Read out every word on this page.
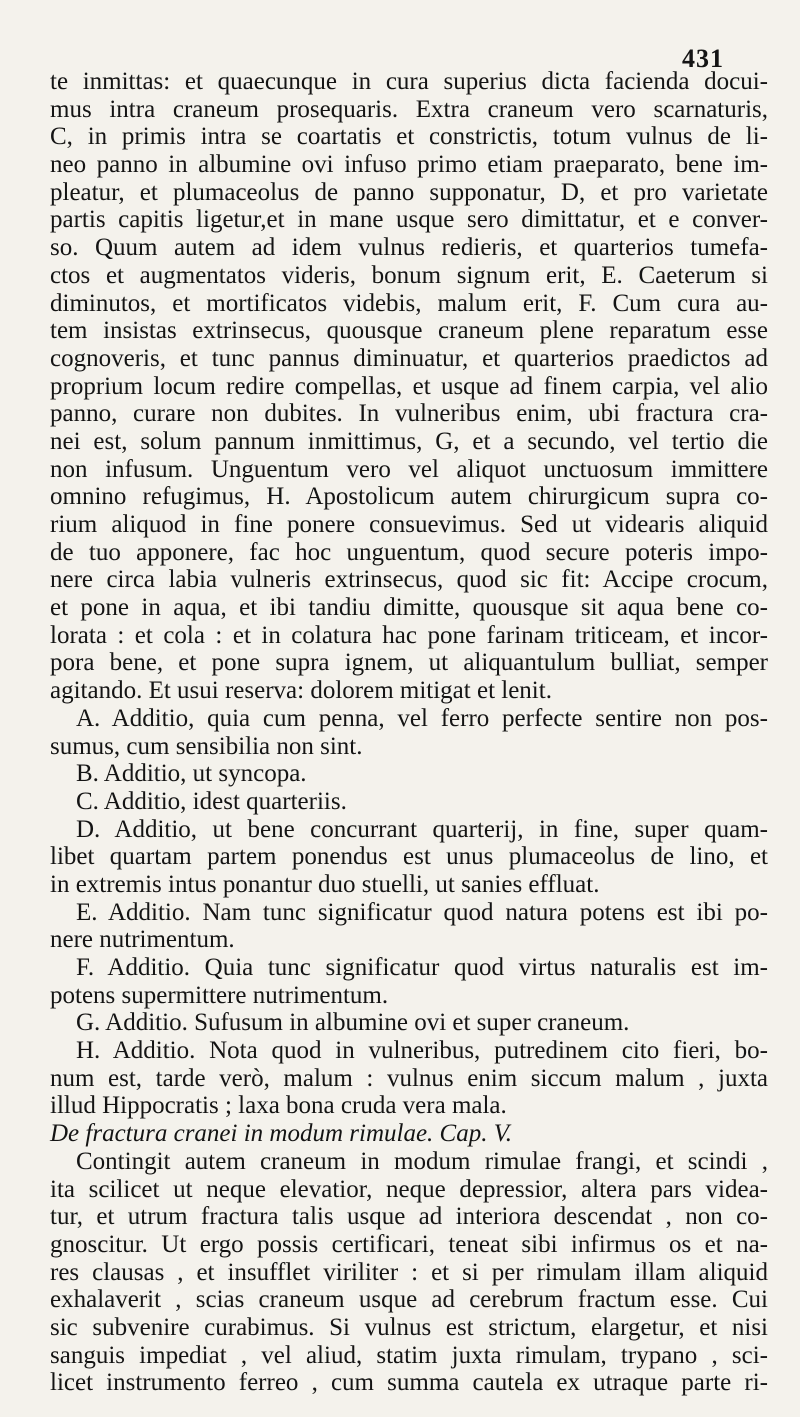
431
te inmittas: et quaecunque in cura superius dicta facienda docui-
mus intra craneum prosequaris. Extra craneum vero scarnaturis,
C, in primis intra se coartatis et constrictis, totum vulnus de li-
neo panno in albumine ovi infuso primo etiam praeparato, bene im-
pleatur, et plumaceolus de panno supponatur, D, et pro varietate
partis capitis ligetur,et in mane usque sero dimittatur, et e conver-
so. Quum autem ad idem vulnus redieris, et quarterios tumefa-
ctos et augmentatos videris, bonum signum erit, E. Caeterum si
diminutos, et mortificatos videbis, malum erit, F. Cum cura au-
tem insistas extrinsecus, quousque craneum plene reparatum esse
cognoveris, et tunc pannus diminuatur, et quarterios praedictos ad
proprium locum redire compellas, et usque ad finem carpia, vel alio
panno, curare non dubites. In vulneribus enim, ubi fractura cra-
nei est, solum pannum inmittimus, G, et a secundo, vel tertio die
non infusum. Unguentum vero vel aliquot unctuosum immittere
omnino refugimus, H. Apostolicum autem chirurgicum supra co-
rium aliquod in fine ponere consuevimus. Sed ut videaris aliquid
de tuo apponere, fac hoc unguentum, quod secure poteris impo-
nere circa labia vulneris extrinsecus, quod sic fit: Accipe crocum,
et pone in aqua, et ibi tandiu dimitte, quousque sit aqua bene co-
lorata : et cola : et in colatura hac pone farinam triticeam, et incor-
pora bene, et pone supra ignem, ut aliquantulum bulliat, semper
agitando. Et usui reserva: dolorem mitigat et lenit.
A. Additio, quia cum penna, vel ferro perfecte sentire non pos-
sumus, cum sensibilia non sint.
B. Additio, ut syncopa.
C. Additio, idest quarteriis.
D. Additio, ut bene concurrant quarterij, in fine, super quam-
libet quartam partem ponendus est unus plumaceolus de lino, et
in extremis intus ponantur duo stuelli, ut sanies effluat.
E. Additio. Nam tunc significatur quod natura potens est ibi po-
nere nutrimentum.
F. Additio. Quia tunc significatur quod virtus naturalis est im-
potens supermittere nutrimentum.
G. Additio. Sufusum in albumine ovi et super craneum.
H. Additio. Nota quod in vulneribus, putredinem cito fieri, bo-
num est, tarde verò, malum : vulnus enim siccum malum , juxta
illud Hippocratis ; laxa bona cruda vera mala.
De fractura cranei in modum rimulae. Cap. V.
Contingit autem craneum in modum rimulae frangi, et scindi ,
ita scilicet ut neque elevatior, neque depressior, altera pars videa-
tur, et utrum fractura talis usque ad interiora descendat , non co-
gnoscitur. Ut ergo possis certificari, teneat sibi infirmus os et na-
res clausas , et insufflet viriliter : et si per rimulam illam aliquid
exhalaverit , scias craneum usque ad cerebrum fractum esse. Cui
sic subvenire curabimus. Si vulnus est strictum, elargetur, et nisi
sanguis impediat , vel aliud, statim juxta rimulam, trypano , sci-
licet instrumento ferreo , cum summa cautela ex utraque parte ri-
